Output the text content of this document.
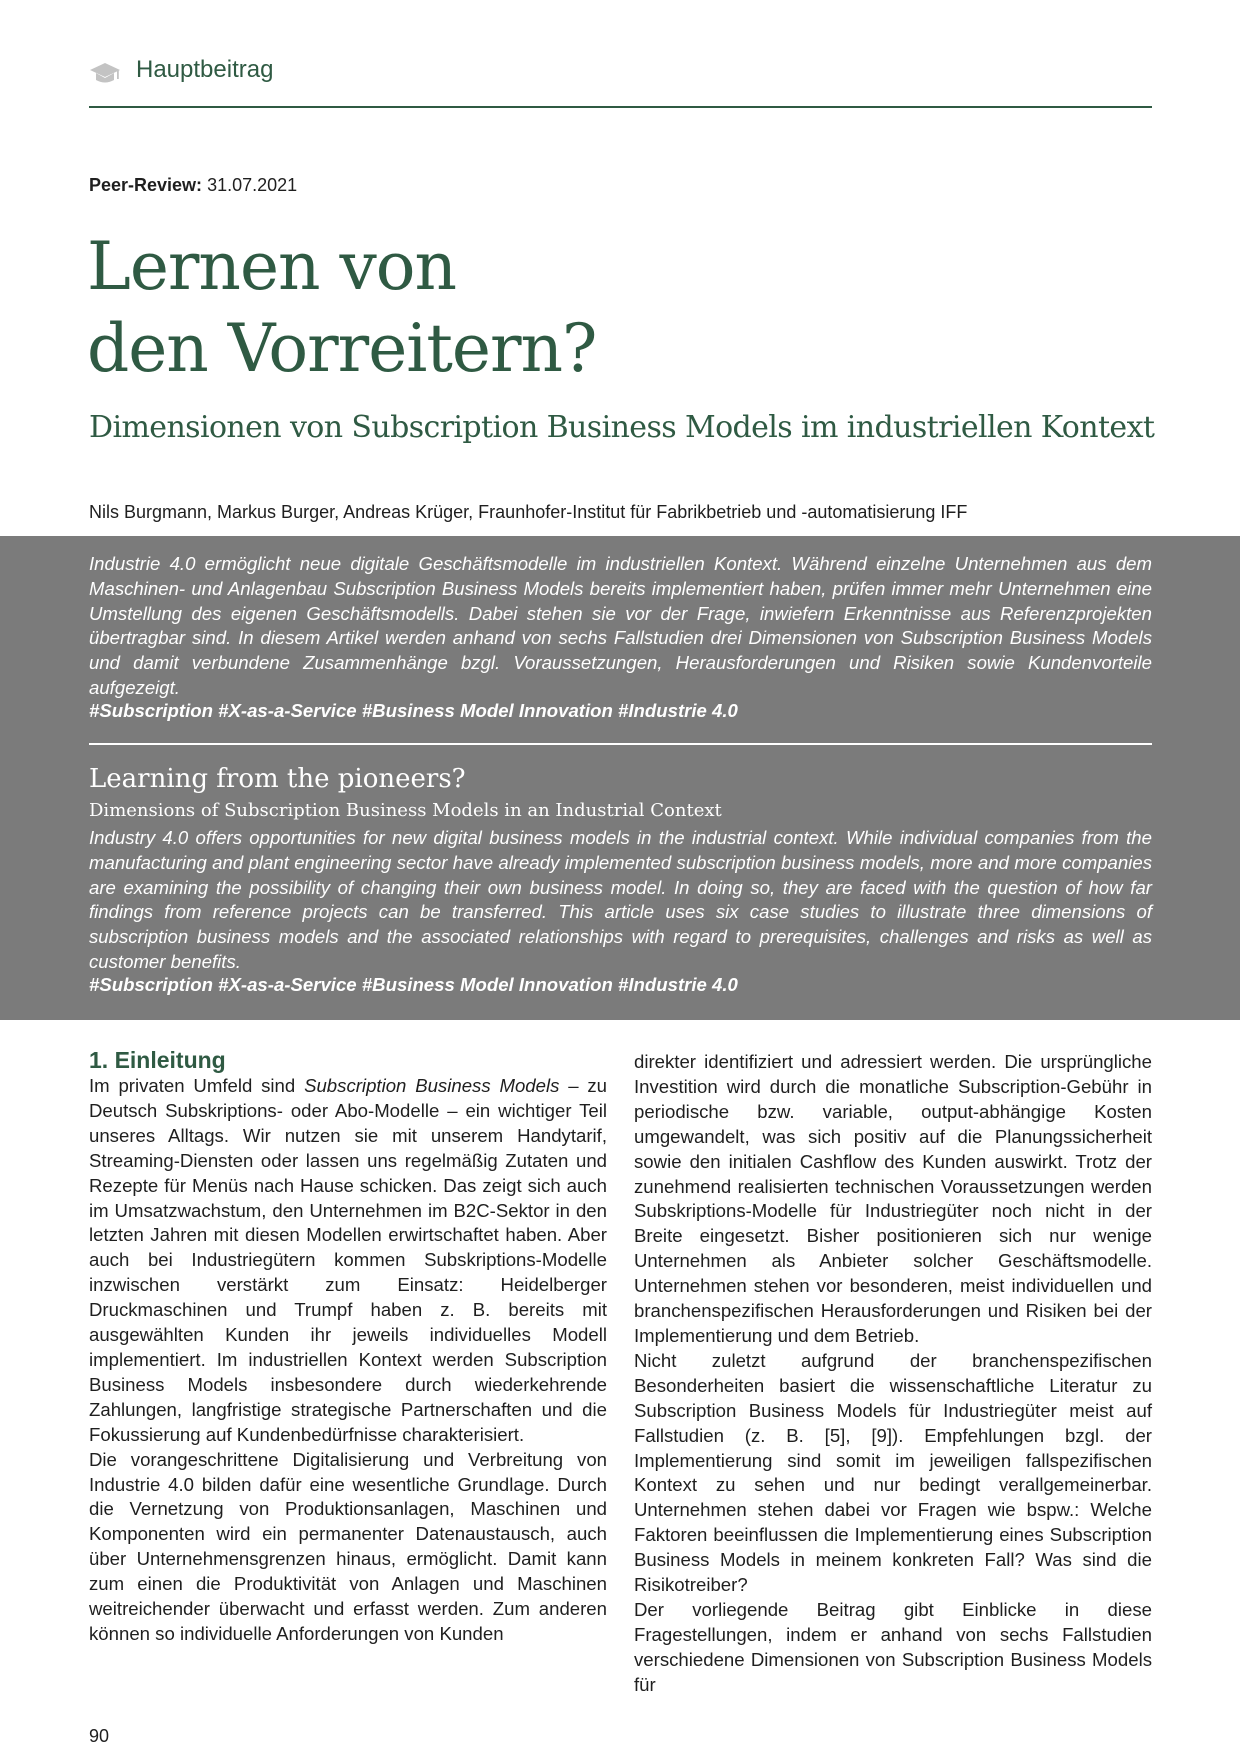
Hauptbeitrag
Peer-Review: 31.07.2021
Lernen von
den Vorreitern?
Dimensionen von Subscription Business Models im industriellen Kontext
Nils Burgmann, Markus Burger, Andreas Krüger, Fraunhofer-Institut für Fabrikbetrieb und -automatisierung IFF

Industrie 4.0 ermöglicht neue digitale Geschäftsmodelle im industriellen Kontext. Während einzelne Unternehmen aus dem Maschinen- und Anlagenbau Subscription Business Models bereits implementiert haben, prüfen immer mehr Unternehmen eine Umstellung des eigenen Geschäftsmodells. Dabei stehen sie vor der Frage, inwiefern Erkenntnisse aus Referenzprojekten übertragbar sind. In diesem Artikel werden anhand von sechs Fallstudien drei Dimensionen von Subscription Business Models und damit verbundene Zusammenhänge bzgl. Voraussetzungen, Herausforderungen und Risiken sowie Kundenvorteile aufgezeigt.

#Subscription #X-as-a-Service #Business Model Innovation #Industrie 4.0

Learning from the pioneers?
Dimensions of Subscription Business Models in an Industrial Context

Industry 4.0 offers opportunities for new digital business models in the industrial context. While individual companies from the manufacturing and plant engineering sector have already implemented subscription business models, more and more companies are examining the possibility of changing their own business model. In doing so, they are faced with the question of how far findings from reference projects can be transferred. This article uses six case studies to illustrate three dimensions of subscription business models and the associated relationships with regard to prerequisites, challenges and risks as well as customer benefits.

#Subscription #X-as-a-Service #Business Model Innovation #Industrie 4.0

1. Einleitung

Im privaten Umfeld sind Subscription Business Models – zu Deutsch Subskriptions- oder Abo-Modelle – ein wichtiger Teil unseres Alltags. Wir nutzen sie mit unserem Handytarif, Streaming-Diensten oder lassen uns regelmäßig Zutaten und Rezepte für Menüs nach Hause schicken. Das zeigt sich auch im Umsatzwachstum, den Unternehmen im B2C-Sektor in den letzten Jahren mit diesen Modellen erwirtschaftet haben. Aber auch bei Industriegütern kommen Subskriptions-Modelle inzwischen verstärkt zum Einsatz: Heidelberger Druckmaschinen und Trumpf haben z. B. bereits mit ausgewählten Kunden ihr jeweils individuelles Modell implementiert. Im industriellen Kontext werden Subscription Business Models insbesondere durch wiederkehrende Zahlungen, langfristige strategische Partnerschaften und die Fokussierung auf Kundenbedürfnisse charakterisiert.

Die vorangeschrittene Digitalisierung und Verbreitung von Industrie 4.0 bilden dafür eine wesentliche Grundlage. Durch die Vernetzung von Produktionsanlagen, Maschinen und Komponenten wird ein permanenter Datenaustausch, auch über Unternehmensgrenzen hinaus, ermöglicht. Damit kann zum einen die Produktivität von Anlagen und Maschinen weitreichender überwacht und erfasst werden. Zum anderen können so individuelle Anforderungen von Kunden

direkter identifiziert und adressiert werden. Die ursprüngliche Investition wird durch die monatliche Subscription-Gebühr in periodische bzw. variable, output-abhängige Kosten umgewandelt, was sich positiv auf die Planungssicherheit sowie den initialen Cashflow des Kunden auswirkt. Trotz der zunehmend realisierten technischen Voraussetzungen werden Subskriptions-Modelle für Industriegüter noch nicht in der Breite eingesetzt. Bisher positionieren sich nur wenige Unternehmen als Anbieter solcher Geschäftsmodelle. Unternehmen stehen vor besonderen, meist individuellen und branchenspezifischen Herausforderungen und Risiken bei der Implementierung und dem Betrieb.

Nicht zuletzt aufgrund der branchenspezifischen Besonderheiten basiert die wissenschaftliche Literatur zu Subscription Business Models für Industriegüter meist auf Fallstudien (z. B. [5], [9]). Empfehlungen bzgl. der Implementierung sind somit im jeweiligen fallspezifischen Kontext zu sehen und nur bedingt verallgemeinerbar. Unternehmen stehen dabei vor Fragen wie bspw.: Welche Faktoren beeinflussen die Implementierung eines Subscription Business Models in meinem konkreten Fall? Was sind die Risikotreiber?

Der vorliegende Beitrag gibt Einblicke in diese Fragestellungen, indem er anhand von sechs Fallstudien verschiedene Dimensionen von Subscription Business Models für

90
